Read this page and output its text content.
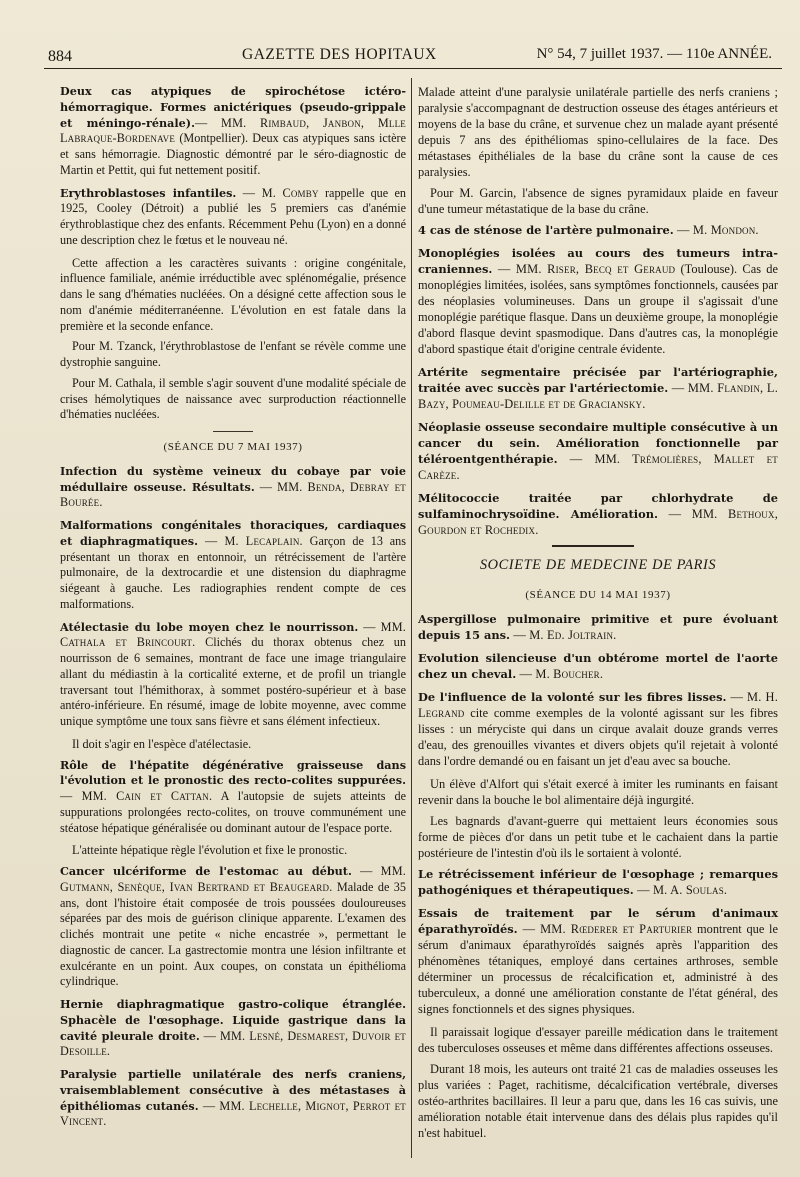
884	GAZETTE DES HOPITAUX	N° 54, 7 juillet 1937. — 110e ANNÉE.
Deux cas atypiques de spirochétose ictéro-hémorragique. Formes anictériques (pseudo-grippale et méningo-rénale).— MM. Rimbaud, Janbon, Mlle Labraque-Bordenave (Montpellier). Deux cas atypiques sans ictère et sans hémorragie. Diagnostic démontré par le séro-diagnostic de Martin et Pettit, qui fut nettement positif.
Erythroblastoses infantiles. — M. Comby rappelle que en 1925, Cooley (Détroit) a publié les 5 premiers cas d'anémie érythroblastique chez des enfants. Récemment Pehu (Lyon) en a donné une description chez le fœtus et le nouveau né.

Cette affection a les caractères suivants : origine congénitale, influence familiale, anémie irréductible avec splénomégalie, présence dans le sang d'hématies nucléées. On a désigné cette affection sous le nom d'anémie méditerranéenne. L'évolution en est fatale dans la première et la seconde enfance.

Pour M. Tzanck, l'érythroblastose de l'enfant se révèle comme une dystrophie sanguine.

Pour M. Cathala, il semble s'agir souvent d'une modalité spéciale de crises hémolytiques de naissance avec surproduction réactionnelle d'hématies nucléées.

(SÉANCE DU 7 MAI 1937)
Infection du système veineux du cobaye par voie médullaire osseuse. Résultats. — MM. Benda, Debray et Bourée.
Malformations congénitales thoraciques, cardiaques et diaphragmatiques. — M. Lecaplain. Garçon de 13 ans présentant un thorax en entonnoir, un rétrécissement de l'artère pulmonaire, de la dextrocardie et une distension du diaphragme siégeant à gauche. Les radiographies rendent compte de ces malformations.
Atélectasie du lobe moyen chez le nourrisson. — MM. Cathala et Brincourt. Clichés du thorax obtenus chez un nourrisson de 6 semaines, montrant de face une image triangulaire allant du médiastin à la corticalité externe, et de profil un triangle traversant tout l'hémithorax, à sommet postéro-supérieur et à base antéro-inférieure. En résumé, image de lobite moyenne, avec comme unique symptôme une toux sans fièvre et sans élément infectieux.

Il doit s'agir en l'espèce d'atélectasie.

Rôle de l'hépatite dégénérative graisseuse dans l'évolution et le pronostic des recto-colites suppurées. — MM. Cain et Cattan. A l'autopsie de sujets atteints de suppurations prolongées recto-colites, on trouve communément une stéatose hépatique généralisée ou dominant autour de l'espace porte.

L'atteinte hépatique règle l'évolution et fixe le pronostic.

Cancer ulcériforme de l'estomac au début. — MM. Gutmann, Senèque, Ivan Bertrand et Beaugeard. Malade de 35 ans, dont l'histoire était composée de trois poussées douloureuses séparées par des mois de guérison clinique apparente. L'examen des clichés montrait une petite « niche encastrée », permettant le diagnostic de cancer. La gastrectomie montra une lésion infiltrante et exulcérante en un point. Aux coupes, on constata un épithélioma cylindrique.
Hernie diaphragmatique gastro-colique étranglée. Sphacèle de l'œsophage. Liquide gastrique dans la cavité pleurale droite. — MM. Lesné, Desmarest, Duvoir et Desoille.
Paralysie partielle unilatérale des nerfs craniens, vraisemblablement consécutive à des métastases à épithéliomas cutanés. — MM. Lechelle, Mignot, Perrot et Vincent.

Malade atteint d'une paralysie unilatérale partielle des nerfs craniens ; paralysie s'accompagnant de destruction osseuse des étages antérieurs et moyens de la base du crâne, et survenue chez un malade ayant présenté depuis 7 ans des épithéliomas spino-cellulaires de la face. Des métastases épithéliales de la base du crâne sont la cause de ces paralysies.

Pour M. Garcin, l'absence de signes pyramidaux plaide en faveur d'une tumeur métastatique de la base du crâne.

4 cas de sténose de l'artère pulmonaire. — M. Mondon.
Monoplégies isolées au cours des tumeurs intra-craniennes. — MM. Riser, Becq et Geraud (Toulouse). Cas de monoplégies limitées, isolées, sans symptômes fonctionnels, causées par des néoplasies volumineuses. Dans un groupe il s'agissait d'une monoplégie parétique flasque. Dans un deuxième groupe, la monoplégie d'abord flasque devint spasmodique. Dans d'autres cas, la monoplégie d'abord spastique était d'origine centrale évidente.
Artérite segmentaire précisée par l'artériographie, traitée avec succès par l'artériectomie. — MM. Flandin, L. Bazy, Poumeau-Delille et de Graciansky.
Néoplasie osseuse secondaire multiple consécutive à un cancer du sein. Amélioration fonctionnelle par téléroentgenthérapie. — MM. Trémolières, Mallet et Carèze.
Mélitococcie traitée par chlorhydrate de sulfaminochrysoïdine. Amélioration. — MM. Bethoux, Gourdon et Rochedix.
SOCIETE DE MEDECINE DE PARIS
(SÉANCE DU 14 MAI 1937)
Aspergillose pulmonaire primitive et pure évoluant depuis 15 ans. — M. Ed. Joltrain.
Evolution silencieuse d'un obtérome mortel de l'aorte chez un cheval. — M. Boucher.
De l'influence de la volonté sur les fibres lisses. — M. H. Legrand cite comme exemples de la volonté agissant sur les fibres lisses : un méryciste qui dans un cirque avalait douze grands verres d'eau, des grenouilles vivantes et divers objets qu'il rejetait à volonté dans l'ordre demandé ou en faisant un jet d'eau avec sa bouche.

Un élève d'Alfort qui s'était exercé à imiter les ruminants en faisant revenir dans la bouche le bol alimentaire déjà ingurgité.

Les bagnards d'avant-guerre qui mettaient leurs économies sous forme de pièces d'or dans un petit tube et le cachaient dans la partie postérieure de l'intestin d'où ils le sortaient à volonté.

Le rétrécissement inférieur de l'œsophage ; remarques pathogéniques et thérapeutiques. — M. A. Soulas.
Essais de traitement par le sérum d'animaux éparathyroïdés. — MM. Rœderer et Parturier montrent que le sérum d'animaux éparathyroïdés saignés après l'apparition des phénomènes tétaniques, employé dans certaines arthroses, semble déterminer un processus de récalcification et, administré à des tuberculeux, a donné une amélioration constante de l'état général, des signes fonctionnels et des signes physiques.

Il paraissait logique d'essayer pareille médication dans le traitement des tuberculoses osseuses et même dans différentes affections osseuses.

Durant 18 mois, les auteurs ont traité 21 cas de maladies osseuses les plus variées : Paget, rachitisme, décalcification vertébrale, diverses ostéo-arthrites bacillaires. Il leur a paru que, dans les 16 cas suivis, une amélioration notable était intervenue dans des délais plus rapides qu'il n'est habituel.
